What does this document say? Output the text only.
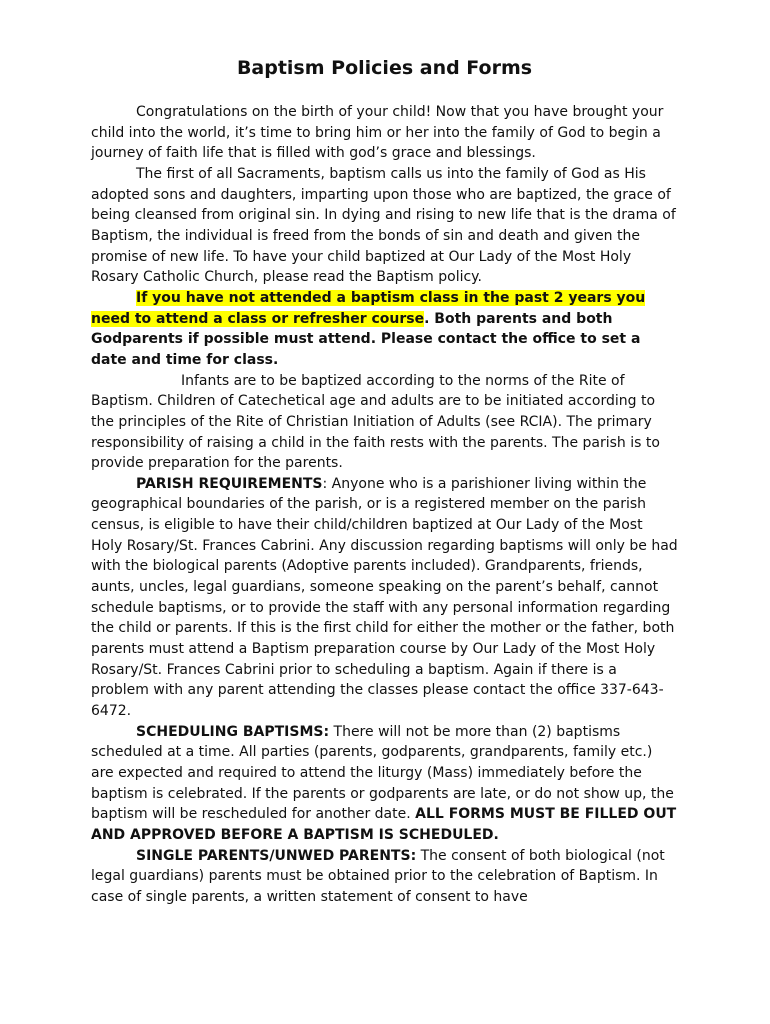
Baptism Policies and Forms

Congratulations on the birth of your child! Now that you have brought your child into the world, it’s time to bring him or her into the family of God to begin a journey of faith life that is filled with god’s grace and blessings.

The first of all Sacraments, baptism calls us into the family of God as His adopted sons and daughters, imparting upon those who are baptized, the grace of being cleansed from original sin. In dying and rising to new life that is the drama of Baptism, the individual is freed from the bonds of sin and death and given the promise of new life. To have your child baptized at Our Lady of the Most Holy Rosary Catholic Church, please read the Baptism policy.

If you have not attended a baptism class in the past 2 years you need to attend a class or refresher course. Both parents and both Godparents if possible must attend. Please contact the office to set a date and time for class.

Infants are to be baptized according to the norms of the Rite of Baptism. Children of Catechetical age and adults are to be initiated according to the principles of the Rite of Christian Initiation of Adults (see RCIA). The primary responsibility of raising a child in the faith rests with the parents. The parish is to provide preparation for the parents.

PARISH REQUIREMENTS: Anyone who is a parishioner living within the geographical boundaries of the parish, or is a registered member on the parish census, is eligible to have their child/children baptized at Our Lady of the Most Holy Rosary/St. Frances Cabrini. Any discussion regarding baptisms will only be had with the biological parents (Adoptive parents included). Grandparents, friends, aunts, uncles, legal guardians, someone speaking on the parent’s behalf, cannot schedule baptisms, or to provide the staff with any personal information regarding the child or parents. If this is the first child for either the mother or the father, both parents must attend a Baptism preparation course by Our Lady of the Most Holy Rosary/St. Frances Cabrini prior to scheduling a baptism. Again if there is a problem with any parent attending the classes please contact the office 337-643-6472.

SCHEDULING BAPTISMS: There will not be more than (2) baptisms scheduled at a time. All parties (parents, godparents, grandparents, family etc.) are expected and required to attend the liturgy (Mass) immediately before the baptism is celebrated. If the parents or godparents are late, or do not show up, the baptism will be rescheduled for another date. ALL FORMS MUST BE FILLED OUT AND APPROVED BEFORE A BAPTISM IS SCHEDULED.

SINGLE PARENTS/UNWED PARENTS: The consent of both biological (not legal guardians) parents must be obtained prior to the celebration of Baptism. In case of single parents, a written statement of consent to have
